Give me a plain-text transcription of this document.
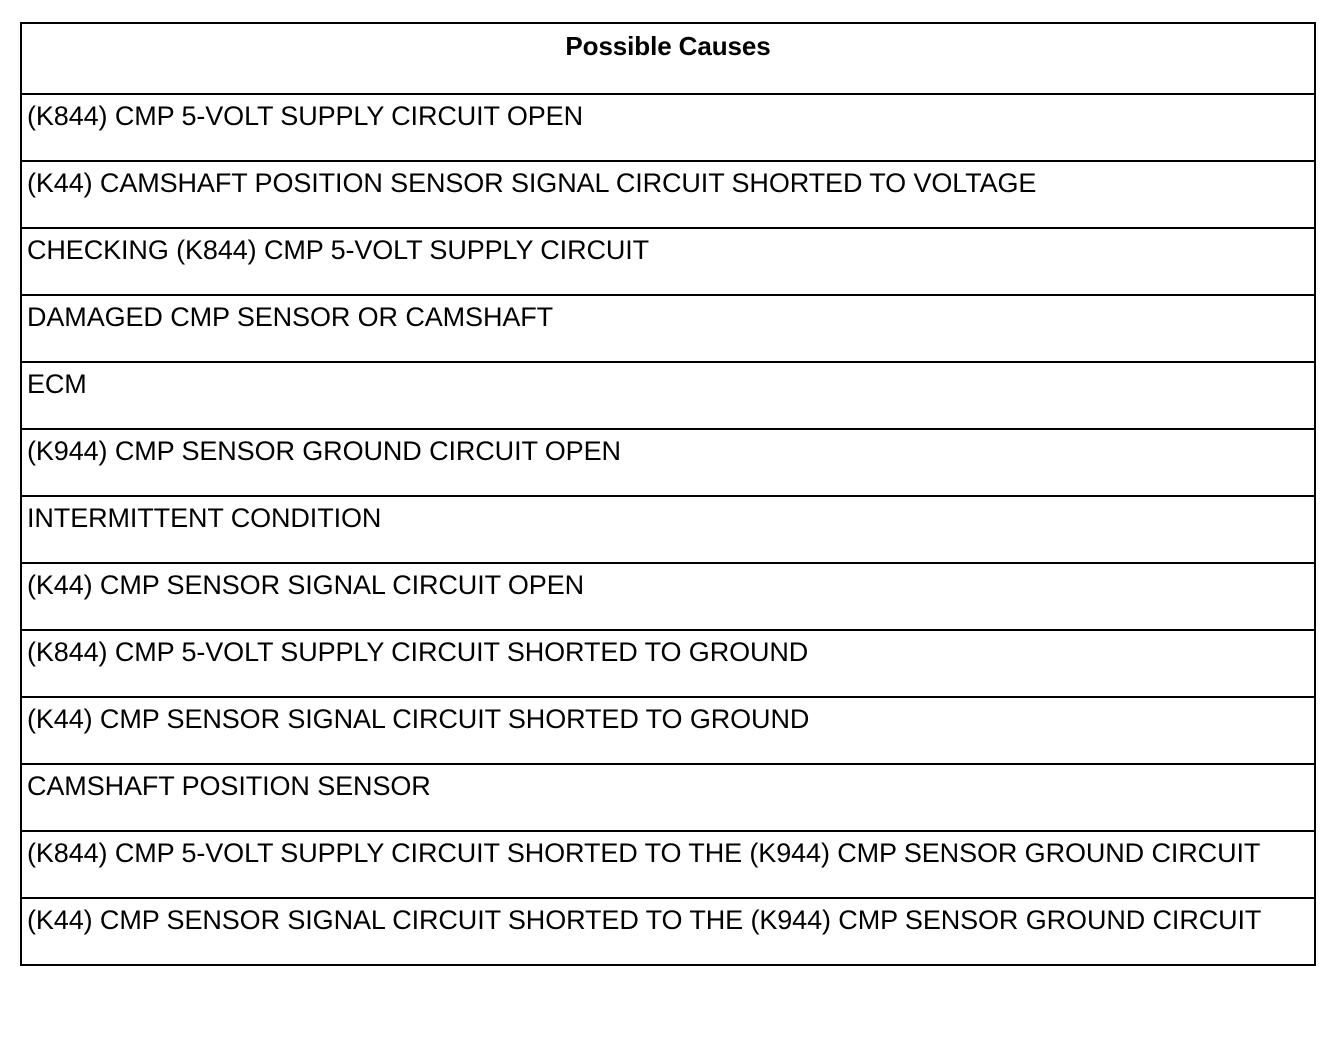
Possible Causes
(K844) CMP 5-VOLT SUPPLY CIRCUIT OPEN
(K44) CAMSHAFT POSITION SENSOR SIGNAL CIRCUIT SHORTED TO VOLTAGE
CHECKING (K844) CMP 5-VOLT SUPPLY CIRCUIT
DAMAGED CMP SENSOR OR CAMSHAFT
ECM
(K944) CMP SENSOR GROUND CIRCUIT OPEN
INTERMITTENT CONDITION
(K44) CMP SENSOR SIGNAL CIRCUIT OPEN
(K844) CMP 5-VOLT SUPPLY CIRCUIT SHORTED TO GROUND
(K44) CMP SENSOR SIGNAL CIRCUIT SHORTED TO GROUND
CAMSHAFT POSITION SENSOR
(K844) CMP 5-VOLT SUPPLY CIRCUIT SHORTED TO THE (K944) CMP SENSOR GROUND CIRCUIT
(K44) CMP SENSOR SIGNAL CIRCUIT SHORTED TO THE (K944) CMP SENSOR GROUND CIRCUIT
